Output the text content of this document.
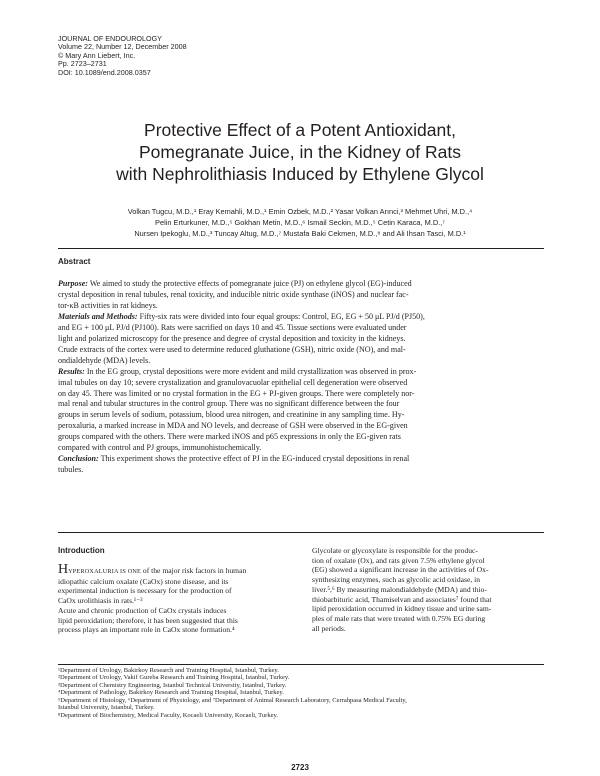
JOURNAL OF ENDOUROLOGY
Volume 22, Number 12, December 2008
© Mary Ann Liebert, Inc.
Pp. 2723–2731
DOI: 10.1089/end.2008.0357
Protective Effect of a Potent Antioxidant,
Pomegranate Juice, in the Kidney of Rats
with Nephrolithiasis Induced by Ethylene Glycol
Volkan Tugcu, M.D.,¹ Eray Kemahli, M.D.,¹ Emin Ozbek, M.D.,² Yasar Volkan Arınci,³ Mehmet Uhri, M.D.,⁴
Pelin Erturkuner, M.D.,⁵ Gokhan Metin, M.D.,⁶ Ismail Seckin, M.D.,⁵ Cetin Karaca, M.D.,⁷
Nursen Ipekoglu, M.D.,³ Tuncay Altug, M.D.,⁷ Mustafa Baki Cekmen, M.D.,⁸ and Ali Ihsan Tasci, M.D.¹
Abstract
Purpose: We aimed to study the protective effects of pomegranate juice (PJ) on ethylene glycol (EG)-induced
crystal deposition in renal tubules, renal toxicity, and inducible nitric oxide synthase (iNOS) and nuclear fac-
tor-κB activities in rat kidneys.
Materials and Methods: Fifty-six rats were divided into four equal groups: Control, EG, EG + 50 μL PJ/d (PJ50),
and EG + 100 μL PJ/d (PJ100). Rats were sacrified on days 10 and 45. Tissue sections were evaluated under
light and polarized microscopy for the presence and degree of crystal deposition and toxicity in the kidneys.
Crude extracts of the cortex were used to determine reduced gluthatione (GSH), nitric oxide (NO), and mal-
ondialdehyde (MDA) levels.
Results: In the EG group, crystal depositions were more evident and mild crystallization was observed in prox-
imal tubules on day 10; severe crystalization and granulovacuolar epithelial cell degeneration were observed
on day 45. There was limited or no crystal formation in the EG + PJ-given groups. There were completely nor-
mal renal and tubular structures in the control group. There was no significant difference between the four
groups in serum levels of sodium, potassium, blood urea nitrogen, and creatinine in any sampling time. Hy-
peroxaluria, a marked increase in MDA and NO levels, and decrease of GSH were observed in the EG-given
groups compared with the others. There were marked iNOS and p65 expressions in only the EG-given rats
compared with control and PJ groups, immunohistochemically.
Conclusion: This experiment shows the protective effect of PJ in the EG-induced crystal depositions in renal
tubules.
Introduction
HYPEROXALURIA IS ONE of the major risk factors in human
idiopathic calcium oxalate (CaOx) stone disease, and its
experimental induction is necessary for the production of
CaOx urolithiasis in rats.¹⁻³
Acute and chronic production of CaOx crystals induces
lipid peroxidation; therefore, it has been suggested that this
process plays an important role in CaOx stone formation.⁴
Glycolate or glycoxylate is responsible for the produc-
tion of oxalate (Ox), and rats given 7.5% ethylene glycol
(EG) showed a significant increase in the activities of Ox-
synthesizing enzymes, such as glycolic acid oxidase, in
liver.⁵,⁶ By measuring malondialdehyde (MDA) and thio-
thiobarbituric acid, Thamiselvan and associates⁷ found that
lipid peroxidation occurred in kidney tissue and urine sam-
ples of male rats that were treated with 0.75% EG during
all periods.
¹Department of Urology, Bakirkoy Research and Training Hospital, Istanbul, Turkey.
²Department of Urology, Vakif Gureba Research and Training Hospital, Istanbul, Turkey.
³Department of Chemistry Engineering, Istanbul Technical University, Istanbul, Turkey.
⁴Department of Pathology, Bakirkoy Research and Training Hospital, Istanbul, Turkey.
⁵Department of Histology, ⁶Department of Physiology, and ⁷Department of Animal Research Laboratory, Cerrahpasa Medical Faculty,
Istanbul University, Istanbul, Turkey.
⁸Department of Biochemistry, Medical Faculty, Kocaeli University, Kocaeli, Turkey.
2723
